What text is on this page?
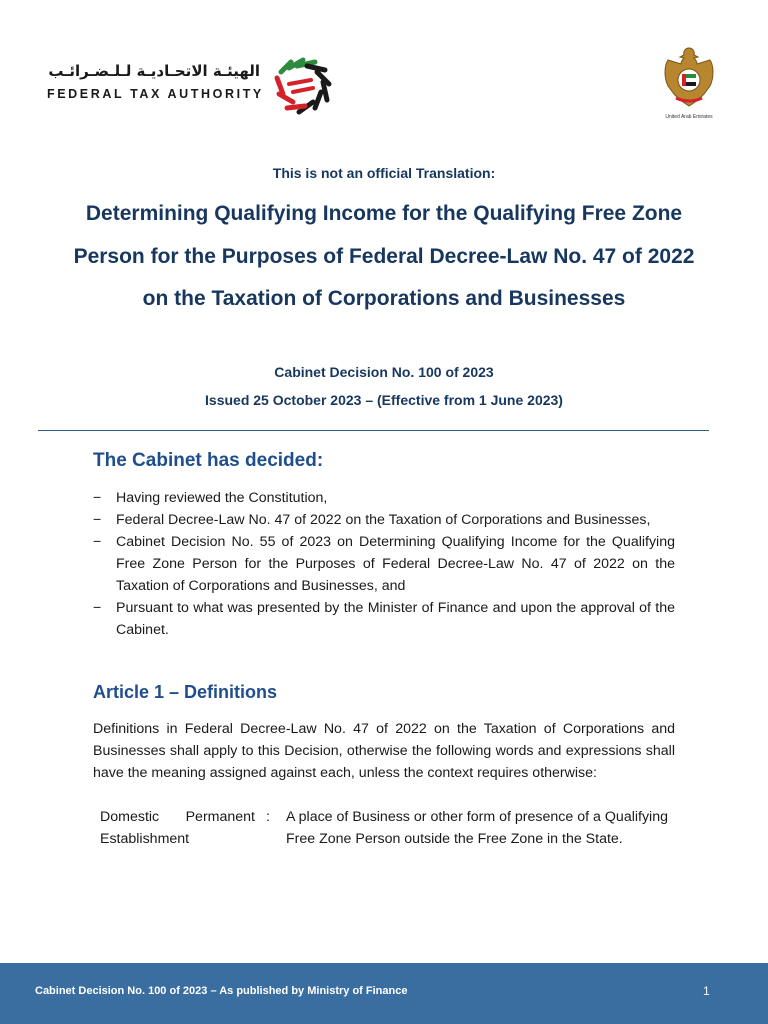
الهيئـة الاتحـاديـة لـلـضـرائـب
FEDERAL TAX AUTHORITY
United Arab Emirates
This is not an official Translation:
Determining Qualifying Income for the Qualifying Free Zone Person for the Purposes of Federal Decree-Law No. 47 of 2022 on the Taxation of Corporations and Businesses
Cabinet Decision No. 100 of 2023
Issued 25 October 2023 – (Effective from 1 June 2023)
The Cabinet has decided:
− Having reviewed the Constitution,
− Federal Decree-Law No. 47 of 2022 on the Taxation of Corporations and Businesses,
− Cabinet Decision No. 55 of 2023 on Determining Qualifying Income for the Qualifying Free Zone Person for the Purposes of Federal Decree-Law No. 47 of 2022 on the Taxation of Corporations and Businesses, and
− Pursuant to what was presented by the Minister of Finance and upon the approval of the Cabinet.
Article 1 – Definitions
Definitions in Federal Decree-Law No. 47 of 2022 on the Taxation of Corporations and Businesses shall apply to this Decision, otherwise the following words and expressions shall have the meaning assigned against each, unless the context requires otherwise:
Domestic Permanent Establishment
: A place of Business or other form of presence of a Qualifying Free Zone Person outside the Free Zone in the State.
Cabinet Decision No. 100 of 2023 – As published by Ministry of Finance	1
